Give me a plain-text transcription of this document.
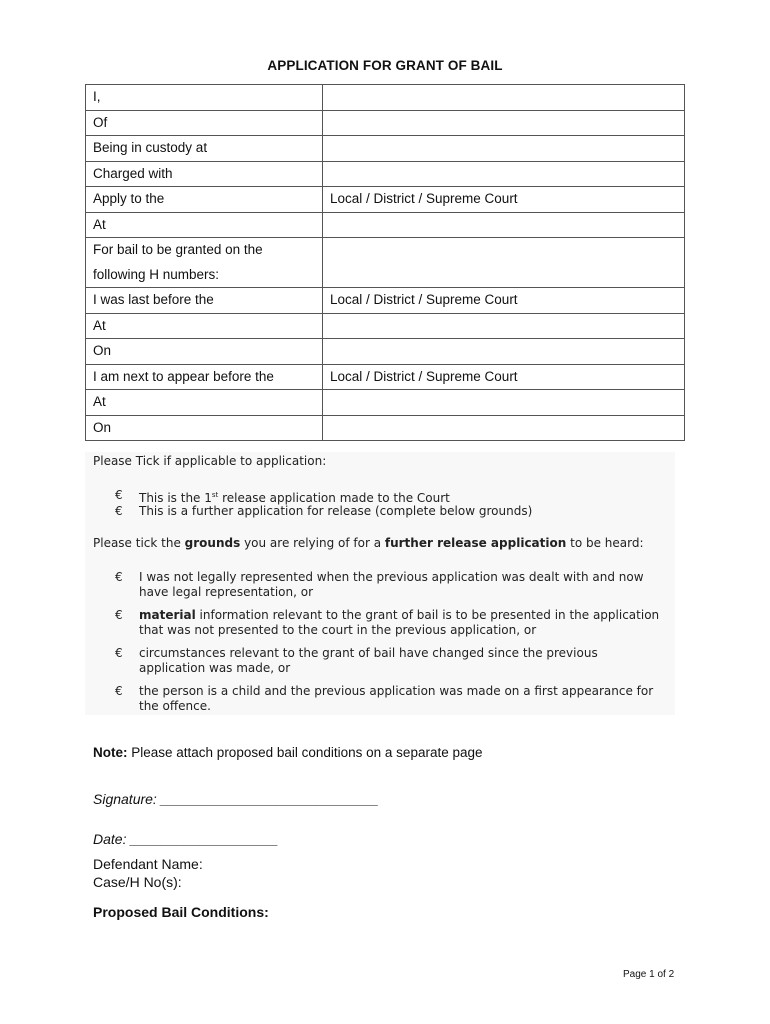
APPLICATION FOR GRANT OF BAIL
I,	
Of	
Being in custody at	
Charged with	
Apply to the	Local / District / Supreme Court
At	

For bail to be granted on the
following H numbers:	

I was last before the	Local / District / Supreme Court
At	
On	
I am next to appear before the	Local / District / Supreme Court
At	
On	

Please Tick if applicable to application:

€ This is the 1st release application made to the Court
€ This is a further application for release (complete below grounds)

Please tick the grounds you are relying of for a further release application to be heard:

€ I was not legally represented when the previous application was dealt with and now
have legal representation, or
€ material information relevant to the grant of bail is to be presented in the application
that was not presented to the court in the previous application, or
€ circumstances relevant to the grant of bail have changed since the previous
application was made, or
€ the person is a child and the previous application was made on a first appearance for
the offence.
Note: Please attach proposed bail conditions on a separate page
Signature: ____________________________
Date: ___________________
Defendant Name:
Case/H No(s):
Proposed Bail Conditions:
Page 1 of 2
